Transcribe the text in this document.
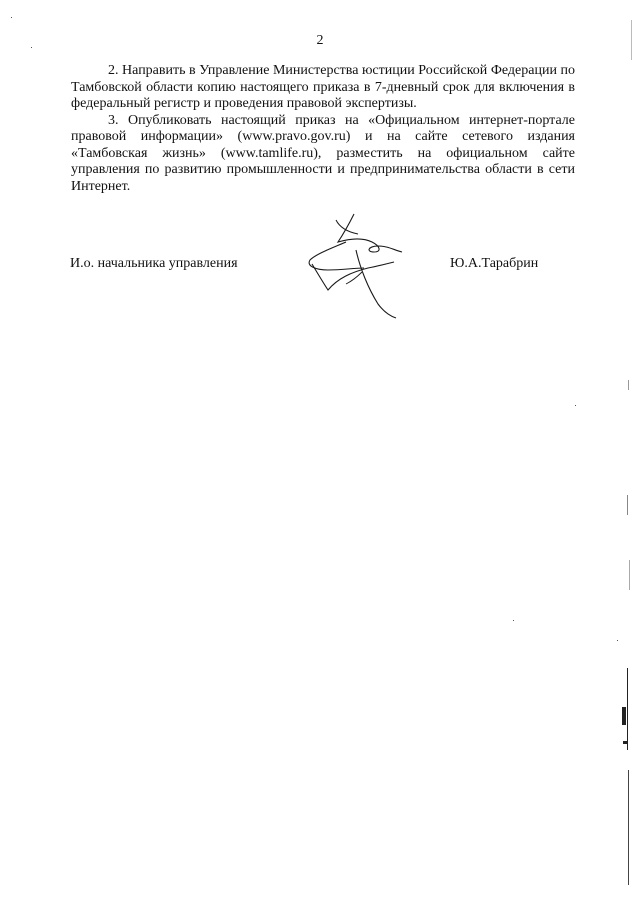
2

2. Направить в Управление Министерства юстиции Российской Федерации по Тамбовской области копию настоящего приказа в 7-дневный срок для включения в федеральный регистр и проведения правовой экспертизы.

3. Опубликовать настоящий приказ на «Официальном интернет-портале правовой информации» (www.pravo.gov.ru) и на сайте сетевого издания «Тамбовская жизнь» (www.tamlife.ru), разместить на официальном сайте управления по развитию промышленности и предпринимательства области в сети Интернет.

И.о. начальника управления	Ю.А.Тарабрин
